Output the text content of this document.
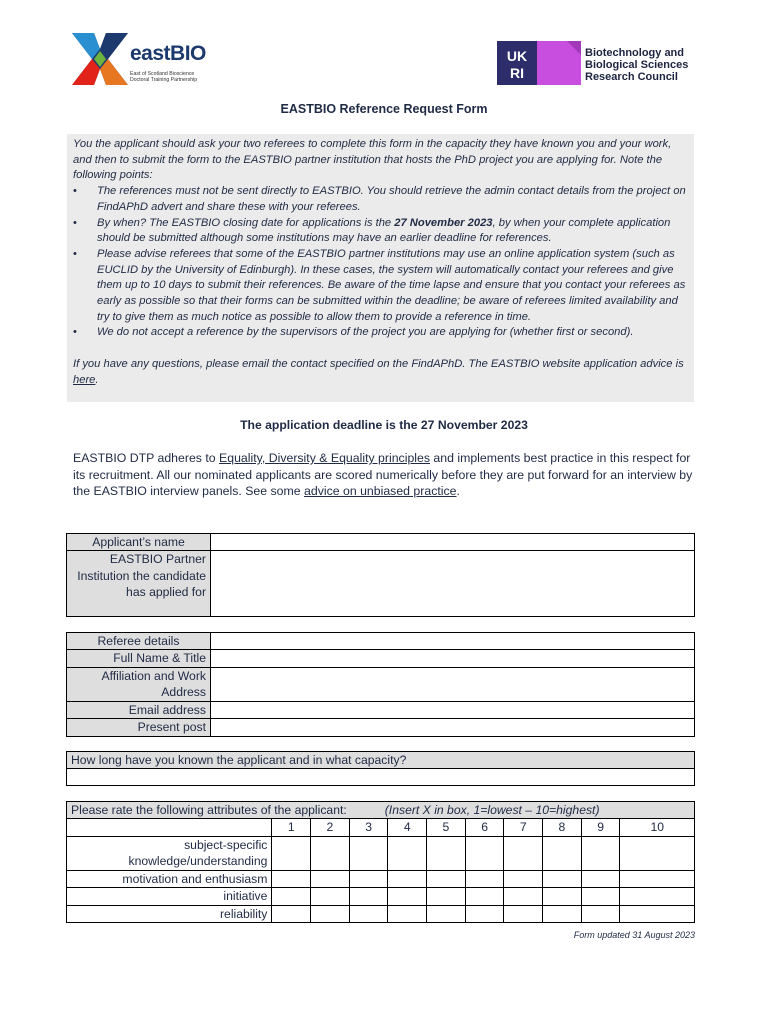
eastBIO
East of Scotland Bioscience Doctoral Training Partnership
UK
RI
Biotechnology and Biological Sciences Research Council
EASTBIO Reference Request Form

You the applicant should ask your two referees to complete this form in the capacity they have known you and your work, and then to submit the form to the EASTBIO partner institution that hosts the PhD project you are applying for. Note the following points:

• The references must not be sent directly to EASTBIO. You should retrieve the admin contact details from the project on FindAPhD advert and share these with your referees.
• By when? The EASTBIO closing date for applications is the 27 November 2023, by when your complete application should be submitted although some institutions may have an earlier deadline for references.
• Please advise referees that some of the EASTBIO partner institutions may use an online application system (such as EUCLID by the University of Edinburgh). In these cases, the system will automatically contact your referees and give them up to 10 days to submit their references. Be aware of the time lapse and ensure that you contact your referees as early as possible so that their forms can be submitted within the deadline; be aware of referees limited availability and try to give them as much notice as possible to allow them to provide a reference in time.
• We do not accept a reference by the supervisors of the project you are applying for (whether first or second).

If you have any questions, please email the contact specified on the FindAPhD. The EASTBIO website application advice is here.

The application deadline is the 27 November 2023
EASTBIO DTP adheres to Equality, Diversity & Equality principles and implements best practice in this respect for its recruitment. All our nominated applicants are scored numerically before they are put forward for an interview by the EASTBIO interview panels. See some advice on unbiased practice.
Applicant’s name	
EASTBIO Partner Institution the candidate has applied for	
Referee details	
Full Name & Title	
Affiliation and Work Address	
Email address	
Present post	
How long have you known the applicant and in what capacity?

Please rate the following attributes of the applicant: (Insert X in box, 1=lowest – 10=highest)										
	1	2	3	4	5	6	7	8	9	10
subject-specific knowledge/understanding										
motivation and enthusiasm										
initiative										
reliability										
Form updated 31 August 2023
